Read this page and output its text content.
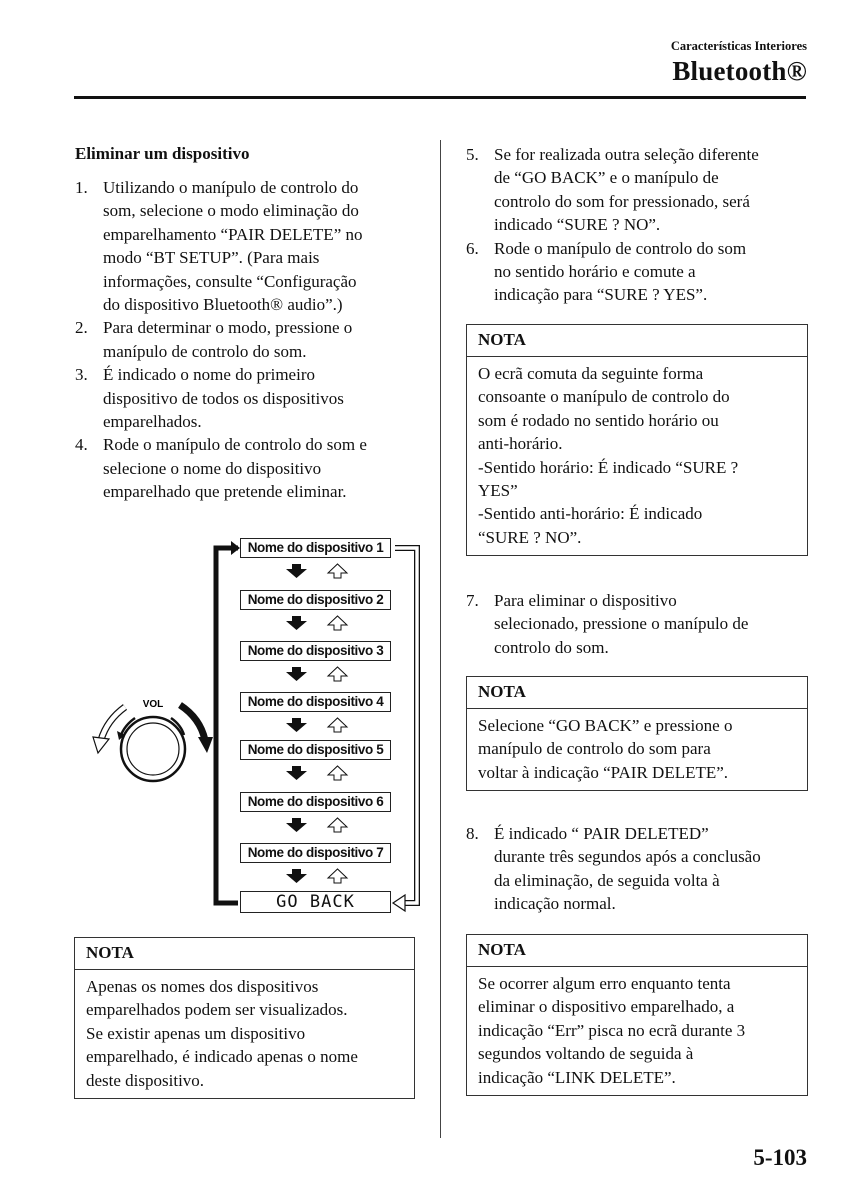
Características Interiores
Bluetooth®
Eliminar um dispositivo
1. Utilizando o manípulo de controlo do
som, selecione o modo eliminação do
emparelhamento “PAIR DELETE” no
modo “BT SETUP”. (Para mais
informações, consulte “Configuração
do dispositivo Bluetooth® audio”.)
2. Para determinar o modo, pressione o
manípulo de controlo do som.
3. É indicado o nome do primeiro
dispositivo de todos os dispositivos
emparelhados.
4. Rode o manípulo de controlo do som e
selecione o nome do dispositivo
emparelhado que pretende eliminar.
VOL
Nome do dispositivo 1
Nome do dispositivo 2
Nome do dispositivo 3
Nome do dispositivo 4
Nome do dispositivo 5
Nome do dispositivo 6
Nome do dispositivo 7
GO BACK
NOTA

Apenas os nomes dos dispositivos

emparelhados podem ser visualizados.

Se existir apenas um dispositivo

emparelhado, é indicado apenas o nome

deste dispositivo.

5. Se for realizada outra seleção diferente
de “GO BACK” e o manípulo de
controlo do som for pressionado, será
indicado “SURE ? NO”.
6. Rode o manípulo de controlo do som
no sentido horário e comute a
indicação para “SURE ? YES”.
NOTA

O ecrã comuta da seguinte forma

consoante o manípulo de controlo do

som é rodado no sentido horário ou

anti-horário.

-Sentido horário: É indicado “SURE ?

YES”

-Sentido anti-horário: É indicado

“SURE ? NO”.

7. Para eliminar o dispositivo
selecionado, pressione o manípulo de
controlo do som.
NOTA

Selecione “GO BACK” e pressione o

manípulo de controlo do som para

voltar à indicação “PAIR DELETE”.

8. É indicado “ PAIR DELETED”
durante três segundos após a conclusão
da eliminação, de seguida volta à
indicação normal.
NOTA

Se ocorrer algum erro enquanto tenta

eliminar o dispositivo emparelhado, a

indicação “Err” pisca no ecrã durante 3

segundos voltando de seguida à

indicação “LINK DELETE”.

5-103
